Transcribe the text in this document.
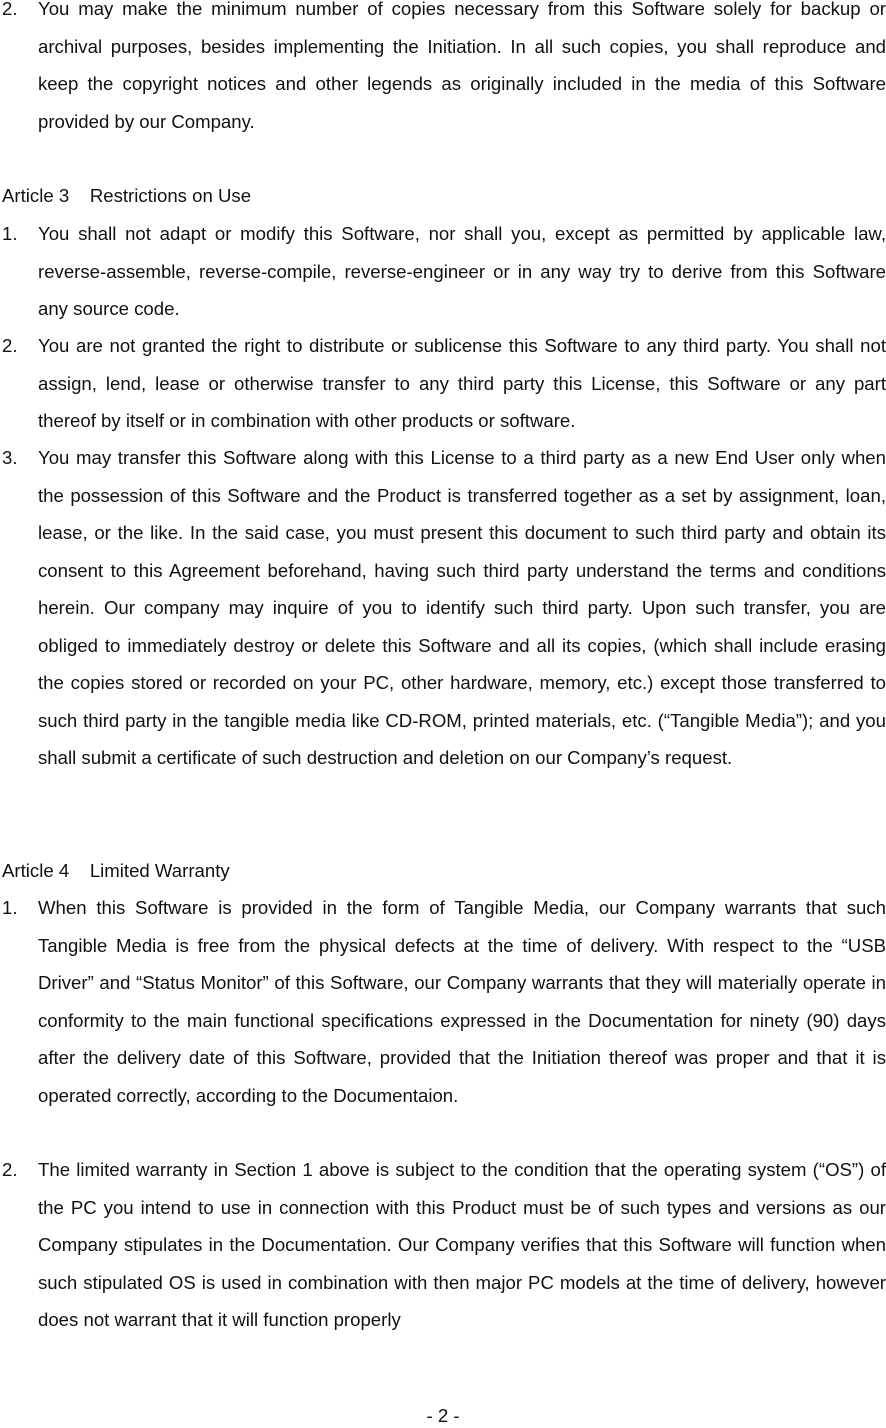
2. You may make the minimum number of copies necessary from this Software solely for backup or archival purposes, besides implementing the Initiation. In all such copies, you shall reproduce and keep the copyright notices and other legends as originally included in the media of this Software provided by our Company.
Article 3    Restrictions on Use
1. You shall not adapt or modify this Software, nor shall you, except as permitted by applicable law, reverse-assemble, reverse-compile, reverse-engineer or in any way try to derive from this Software any source code.
2. You are not granted the right to distribute or sublicense this Software to any third party. You shall not assign, lend, lease or otherwise transfer to any third party this License, this Software or any part thereof by itself or in combination with other products or software.
3. You may transfer this Software along with this License to a third party as a new End User only when the possession of this Software and the Product is transferred together as a set by assignment, loan, lease, or the like. In the said case, you must present this document to such third party and obtain its consent to this Agreement beforehand, having such third party understand the terms and conditions herein. Our company may inquire of you to identify such third party. Upon such transfer, you are obliged to immediately destroy or delete this Software and all its copies, (which shall include erasing the copies stored or recorded on your PC, other hardware, memory, etc.) except those transferred to such third party in the tangible media like CD-ROM, printed materials, etc. (“Tangible Media”); and you shall submit a certificate of such destruction and deletion on our Company’s request.
Article 4    Limited Warranty
1. When this Software is provided in the form of Tangible Media, our Company warrants that such Tangible Media is free from the physical defects at the time of delivery. With respect to the “USB Driver” and “Status Monitor” of this Software, our Company warrants that they will materially operate in conformity to the main functional specifications expressed in the Documentation for ninety (90) days after the delivery date of this Software, provided that the Initiation thereof was proper and that it is operated correctly, according to the Documentaion.
2. The limited warranty in Section 1 above is subject to the condition that the operating system (“OS”) of the PC you intend to use in connection with this Product must be of such types and versions as our Company stipulates in the Documentation. Our Company verifies that this Software will function when such stipulated OS is used in combination with then major PC models at the time of delivery, however does not warrant that it will function properly
- 2 -
